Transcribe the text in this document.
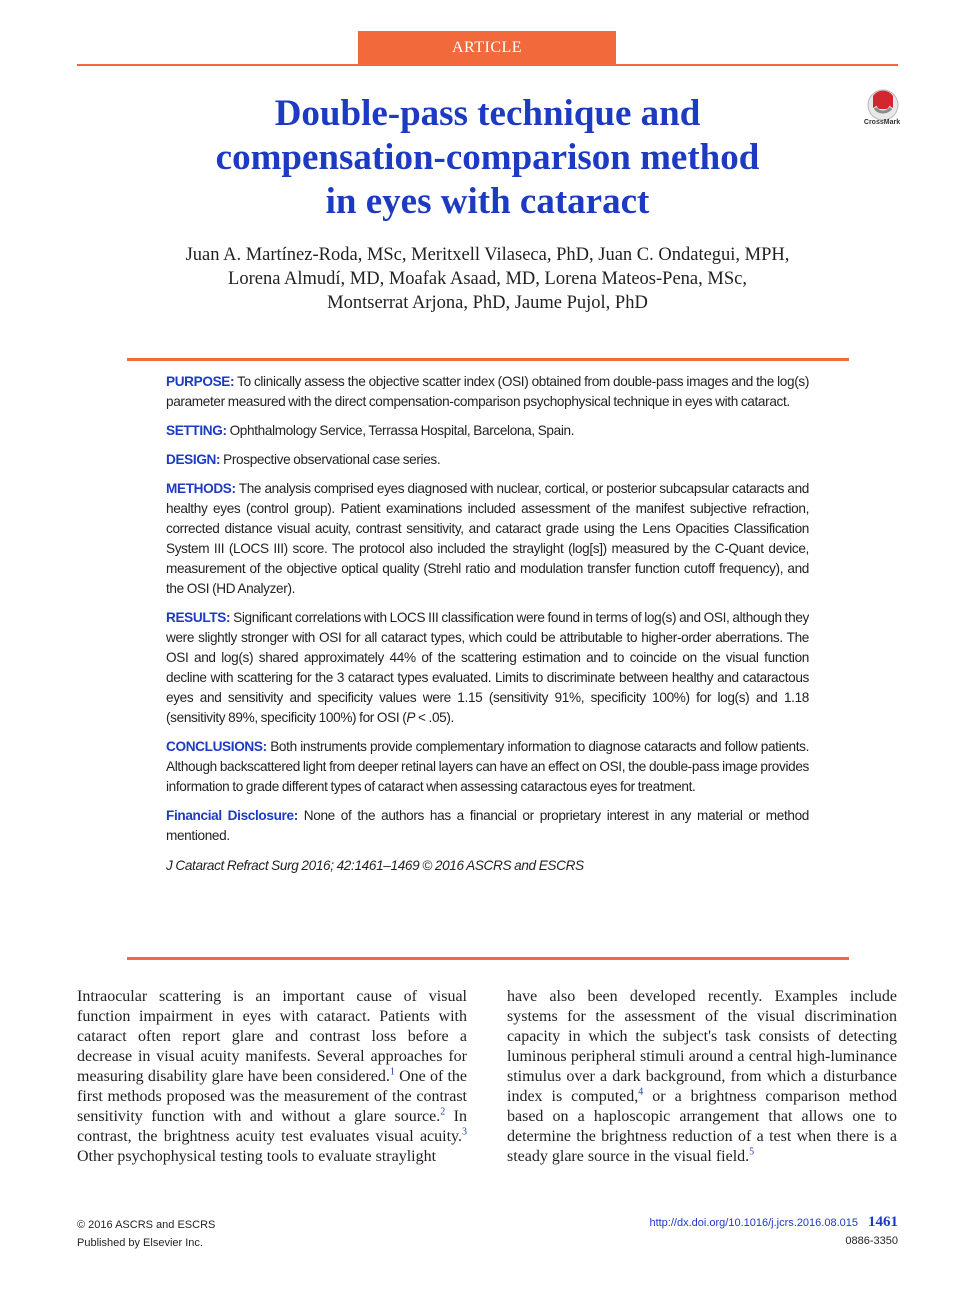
ARTICLE
CrossMark
Double-pass technique and
compensation-comparison method
in eyes with cataract
Juan A. Martínez-Roda, MSc, Meritxell Vilaseca, PhD, Juan C. Ondategui, MPH,
Lorena Almudí, MD, Moafak Asaad, MD, Lorena Mateos-Pena, MSc,
Montserrat Arjona, PhD, Jaume Pujol, PhD

PURPOSE: To clinically assess the objective scatter index (OSI) obtained from double-pass images and the log(s) parameter measured with the direct compensation-comparison psychophysical technique in eyes with cataract.

SETTING: Ophthalmology Service, Terrassa Hospital, Barcelona, Spain.

DESIGN: Prospective observational case series.

METHODS: The analysis comprised eyes diagnosed with nuclear, cortical, or posterior subcapsular cataracts and healthy eyes (control group). Patient examinations included assessment of the manifest subjective refraction, corrected distance visual acuity, contrast sensitivity, and cataract grade using the Lens Opacities Classification System III (LOCS III) score. The protocol also included the straylight (log[s]) measured by the C-Quant device, measurement of the objective optical quality (Strehl ratio and modulation transfer function cutoff frequency), and the OSI (HD Analyzer).

RESULTS: Significant correlations with LOCS III classification were found in terms of log(s) and OSI, although they were slightly stronger with OSI for all cataract types, which could be attributable to higher-order aberrations. The OSI and log(s) shared approximately 44% of the scattering estimation and to coincide on the visual function decline with scattering for the 3 cataract types evaluated. Limits to discriminate between healthy and cataractous eyes and sensitivity and specificity values were 1.15 (sensitivity 91%, specificity 100%) for log(s) and 1.18 (sensitivity 89%, specificity 100%) for OSI (P < .05).

CONCLUSIONS: Both instruments provide complementary information to diagnose cataracts and follow patients. Although backscattered light from deeper retinal layers can have an effect on OSI, the double-pass image provides information to grade different types of cataract when assessing cataractous eyes for treatment.

Financial Disclosure: None of the authors has a financial or proprietary interest in any material or method mentioned.

J Cataract Refract Surg 2016; 42:1461–1469 © 2016 ASCRS and ESCRS

Intraocular scattering is an important cause of visual function impairment in eyes with cataract. Patients with cataract often report glare and contrast loss before a decrease in visual acuity manifests. Several approaches for measuring disability glare have been considered.$^1$ One of the first methods proposed was the measurement of the contrast sensitivity function with and without a glare source.$^2$ In contrast, the brightness acuity test evaluates visual acuity.$^3$ Other psychophysical testing tools to evaluate straylight
have also been developed recently. Examples include systems for the assessment of the visual discrimination capacity in which the subject's task consists of detecting luminous peripheral stimuli around a central high-luminance stimulus over a dark background, from which a disturbance index is computed,$^4$ or a brightness comparison method based on a haploscopic arrangement that allows one to determine the brightness reduction of a test when there is a steady glare source in the visual field.$^5$
© 2016 ASCRS and ESCRS
Published by Elsevier Inc.
http://dx.doi.org/10.1016/j.jcrs.2016.08.015 1461
0886-3350
